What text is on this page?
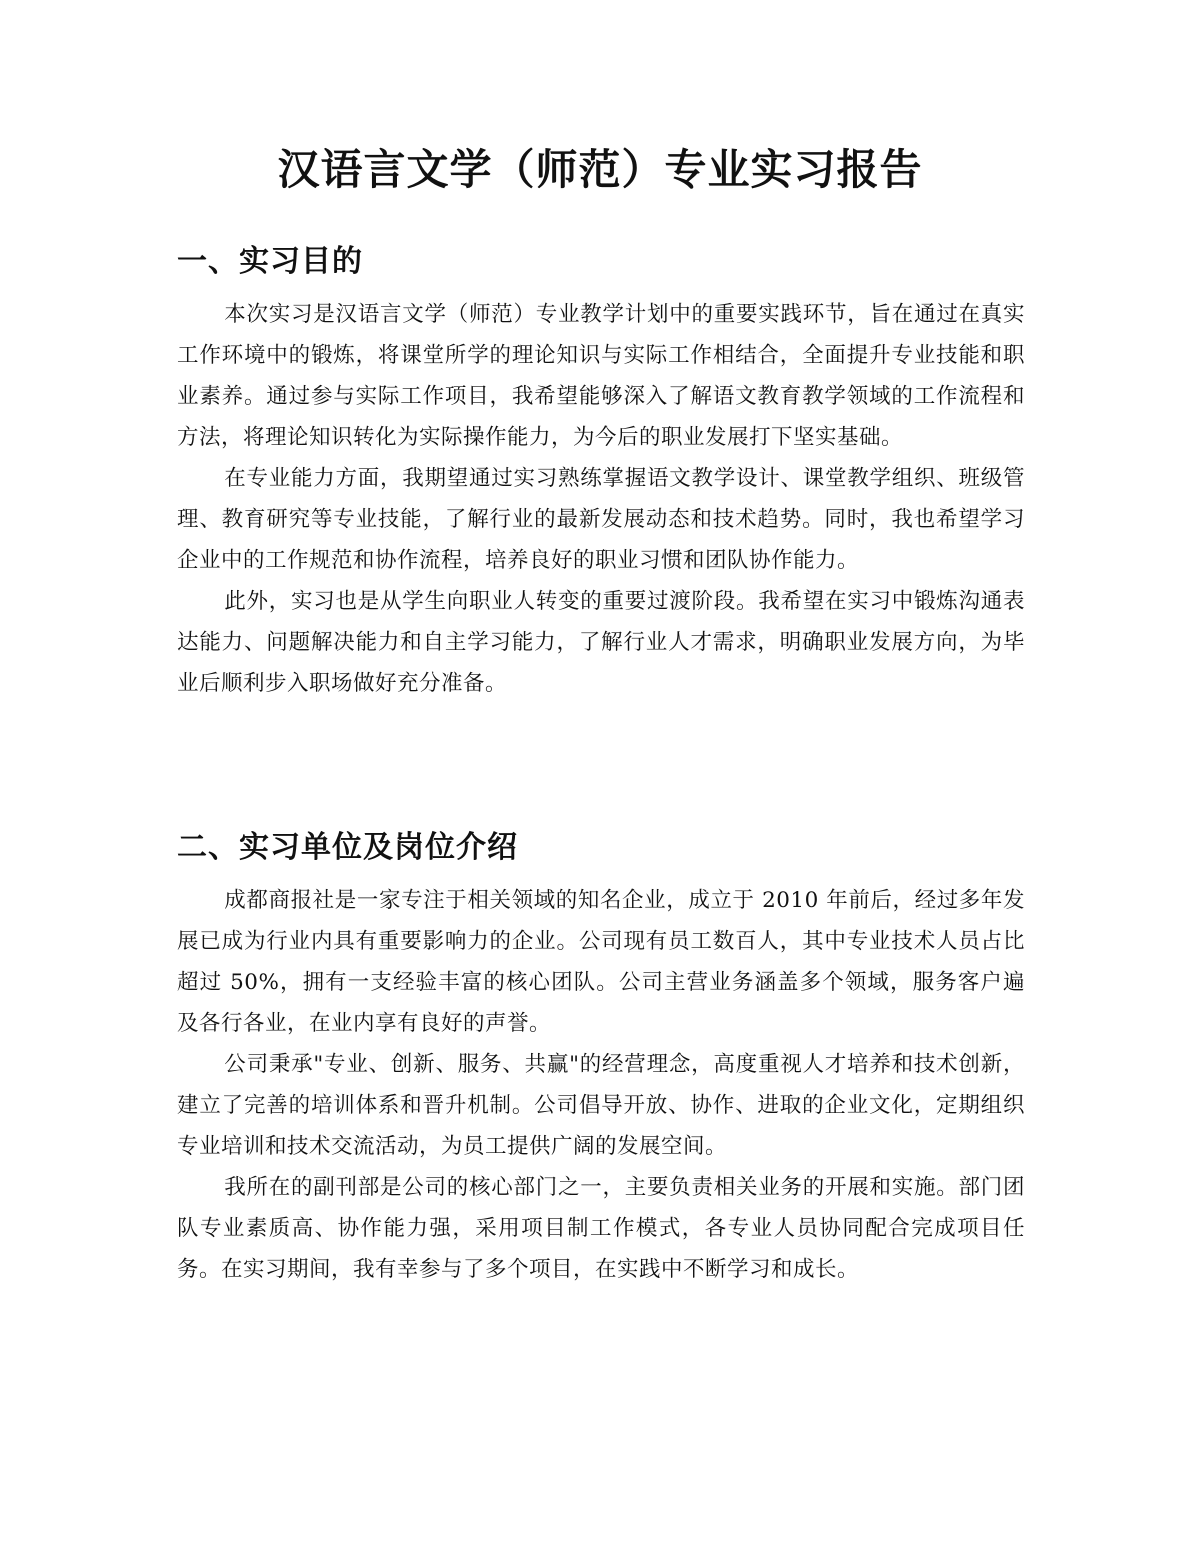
汉语言文学（师范）专业实习报告
一、实习目的

本次实习是汉语言文学（师范）专业教学计划中的重要实践环节，旨在通过在真实工作环境中的锻炼，将课堂所学的理论知识与实际工作相结合，全面提升专业技能和职业素养。通过参与实际工作项目，我希望能够深入了解语文教育教学领域的工作流程和方法，将理论知识转化为实际操作能力，为今后的职业发展打下坚实基础。

在专业能力方面，我期望通过实习熟练掌握语文教学设计、课堂教学组织、班级管理、教育研究等专业技能，了解行业的最新发展动态和技术趋势。同时，我也希望学习企业中的工作规范和协作流程，培养良好的职业习惯和团队协作能力。

此外，实习也是从学生向职业人转变的重要过渡阶段。我希望在实习中锻炼沟通表达能力、问题解决能力和自主学习能力，了解行业人才需求，明确职业发展方向，为毕业后顺利步入职场做好充分准备。

二、实习单位及岗位介绍

成都商报社是一家专注于相关领域的知名企业，成立于 2010 年前后，经过多年发展已成为行业内具有重要影响力的企业。公司现有员工数百人，其中专业技术人员占比超过 50%，拥有一支经验丰富的核心团队。公司主营业务涵盖多个领域，服务客户遍及各行各业，在业内享有良好的声誉。

公司秉承"专业、创新、服务、共赢"的经营理念，高度重视人才培养和技术创新，建立了完善的培训体系和晋升机制。公司倡导开放、协作、进取的企业文化，定期组织专业培训和技术交流活动，为员工提供广阔的发展空间。

我所在的副刊部是公司的核心部门之一，主要负责相关业务的开展和实施。部门团队专业素质高、协作能力强，采用项目制工作模式，各专业人员协同配合完成项目任务。在实习期间，我有幸参与了多个项目，在实践中不断学习和成长。
